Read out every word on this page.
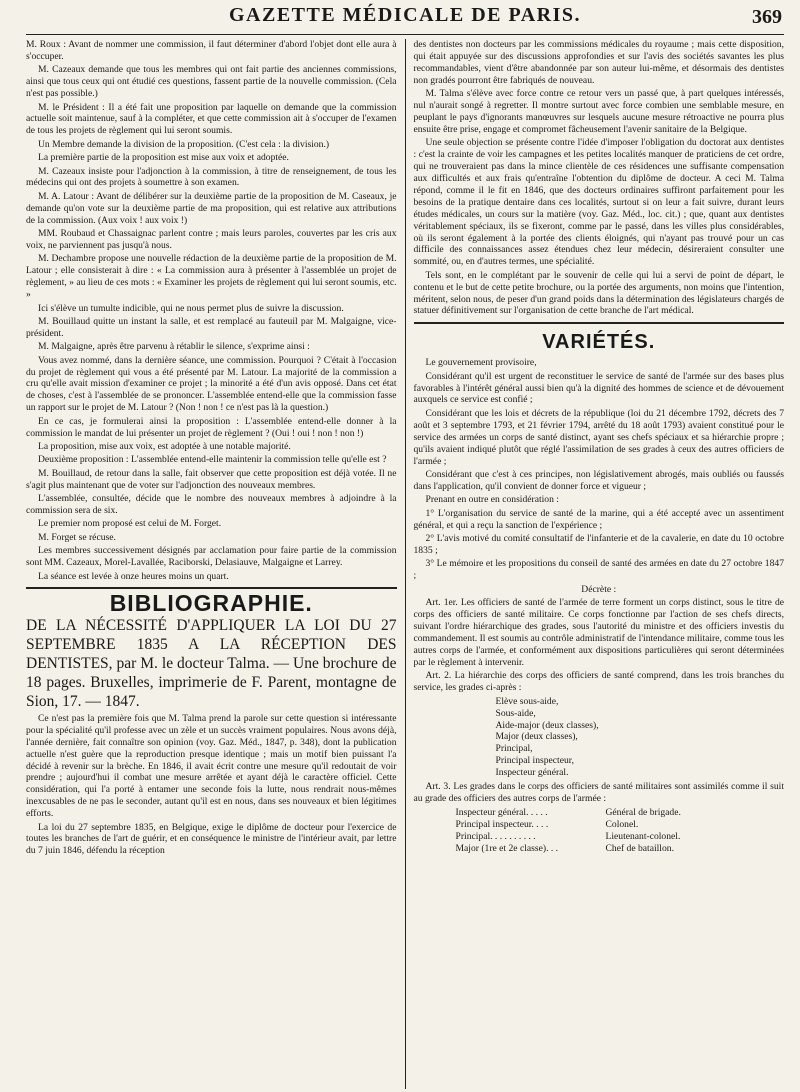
GAZETTE MÉDICALE DE PARIS.	369

M. Roux : Avant de nommer une commission, il faut déterminer d'abord l'objet dont elle aura à s'occuper.

M. Cazeaux demande que tous les membres qui ont fait partie des anciennes commissions, ainsi que tous ceux qui ont étudié ces questions, fassent partie de la nouvelle commission. (Cela n'est pas possible.)

M. le Président : Il a été fait une proposition par laquelle on demande que la commission actuelle soit maintenue, sauf à la compléter, et que cette commission ait à s'occuper de l'examen de tous les projets de règlement qui lui seront soumis.

Un Membre demande la division de la proposition. (C'est cela : la division.)

La première partie de la proposition est mise aux voix et adoptée.

M. Cazeaux insiste pour l'adjonction à la commission, à titre de renseignement, de tous les médecins qui ont des projets à soumettre à son examen.

M. A. Latour : Avant de délibérer sur la deuxième partie de la proposition de M. Caseaux, je demande qu'on vote sur la deuxième partie de ma proposition, qui est relative aux attributions de la commission. (Aux voix ! aux voix !)

MM. Roubaud et Chassaignac parlent contre ; mais leurs paroles, couvertes par les cris aux voix, ne parviennent pas jusqu'à nous.

M. Dechambre propose une nouvelle rédaction de la deuxième partie de la proposition de M. Latour ; elle consisterait à dire : « La commission aura à présenter à l'assemblée un projet de règlement, » au lieu de ces mots : « Examiner les projets de règlement qui lui seront soumis, etc. »

Ici s'élève un tumulte indicible, qui ne nous permet plus de suivre la discussion.

M. Bouillaud quitte un instant la salle, et est remplacé au fauteuil par M. Malgaigne, vice-président.

M. Malgaigne, après être parvenu à rétablir le silence, s'exprime ainsi :

Vous avez nommé, dans la dernière séance, une commission. Pourquoi ? C'était à l'occasion du projet de règlement qui vous a été présenté par M. Latour. La majorité de la commission a cru qu'elle avait mission d'examiner ce projet ; la minorité a été d'un avis opposé. Dans cet état de choses, c'est à l'assemblée de se prononcer. L'assemblée entend-elle que la commission fasse un rapport sur le projet de M. Latour ? (Non ! non ! ce n'est pas là la question.)

En ce cas, je formulerai ainsi la proposition : L'assemblée entend-elle donner à la commission le mandat de lui présenter un projet de règlement ? (Oui ! oui ! non ! non !)

La proposition, mise aux voix, est adoptée à une notable majorité.

Deuxième proposition : L'assemblée entend-elle maintenir la commission telle qu'elle est ?

M. Bouillaud, de retour dans la salle, fait observer que cette proposition est déjà votée. Il ne s'agit plus maintenant que de voter sur l'adjonction des nouveaux membres.

L'assemblée, consultée, décide que le nombre des nouveaux membres à adjoindre à la commission sera de six.

Le premier nom proposé est celui de M. Forget.

M. Forget se récuse.

Les membres successivement désignés par acclamation pour faire partie de la commission sont MM. Cazeaux, Morel-Lavallée, Raciborski, Delasiauve, Malgaigne et Larrey.

La séance est levée à onze heures moins un quart.

BIBLIOGRAPHIE.

DE LA NÉCESSITÉ D'APPLIQUER LA LOI DU 27 SEPTEMBRE 1835 A LA RÉCEPTION DES DENTISTES, par M. le docteur Talma. — Une brochure de 18 pages. Bruxelles, imprimerie de F. Parent, montagne de Sion, 17. — 1847.

Ce n'est pas la première fois que M. Talma prend la parole sur cette question si intéressante pour la spécialité qu'il professe avec un zèle et un succès vraiment populaires. Nous avons déjà, l'année dernière, fait connaître son opinion (voy. Gaz. Méd., 1847, p. 348), dont la publication actuelle n'est guère que la reproduction presque identique ; mais un motif bien puissant l'a décidé à revenir sur la brèche. En 1846, il avait écrit contre une mesure qu'il redoutait de voir prendre ; aujourd'hui il combat une mesure arrêtée et ayant déjà le caractère officiel. Cette considération, qui l'a porté à entamer une seconde fois la lutte, nous rendrait nous-mêmes inexcusables de ne pas le seconder, autant qu'il est en nous, dans ses nouveaux et bien légitimes efforts.

La loi du 27 septembre 1835, en Belgique, exige le diplôme de docteur pour l'exercice de toutes les branches de l'art de guérir, et en conséquence le ministre de l'intérieur avait, par lettre du 7 juin 1846, défendu la réception

des dentistes non docteurs par les commissions médicales du royaume ; mais cette disposition, qui était appuyée sur des discussions approfondies et sur l'avis des sociétés savantes les plus recommandables, vient d'être abandonnée par son auteur lui-même, et désormais des dentistes non gradés pourront être fabriqués de nouveau.

M. Talma s'élève avec force contre ce retour vers un passé que, à part quelques intéressés, nul n'aurait songé à regretter. Il montre surtout avec force combien une semblable mesure, en peuplant le pays d'ignorants manœuvres sur lesquels aucune mesure rétroactive ne pourra plus ensuite être prise, engage et compromet fâcheusement l'avenir sanitaire de la Belgique.

Une seule objection se présente contre l'idée d'imposer l'obligation du doctorat aux dentistes : c'est la crainte de voir les campagnes et les petites localités manquer de praticiens de cet ordre, qui ne trouveraient pas dans la mince clientèle de ces résidences une suffisante compensation aux difficultés et aux frais qu'entraîne l'obtention du diplôme de docteur. A ceci M. Talma répond, comme il le fit en 1846, que des docteurs ordinaires suffiront parfaitement pour les besoins de la pratique dentaire dans ces localités, surtout si on leur a fait suivre, durant leurs études médicales, un cours sur la matière (voy. Gaz. Méd., loc. cit.) ; que, quant aux dentistes véritablement spéciaux, ils se fixeront, comme par le passé, dans les villes plus considérables, où ils seront également à la portée des clients éloignés, qui n'ayant pas trouvé pour un cas difficile des connaissances assez étendues chez leur médecin, désireraient consulter une sommité, ou, en d'autres termes, une spécialité.

Tels sont, en le complétant par le souvenir de celle qui lui a servi de point de départ, le contenu et le but de cette petite brochure, ou la portée des arguments, non moins que l'intention, méritent, selon nous, de peser d'un grand poids dans la détermination des législateurs chargés de statuer définitivement sur l'organisation de cette branche de l'art médical.

VARIÉTÉS.

Le gouvernement provisoire,

Considérant qu'il est urgent de reconstituer le service de santé de l'armée sur des bases plus favorables à l'intérêt général aussi bien qu'à la dignité des hommes de science et de dévouement auxquels ce service est confié ;

Considérant que les lois et décrets de la république (loi du 21 décembre 1792, décrets des 7 août et 3 septembre 1793, et 21 février 1794, arrêté du 18 août 1793) avaient constitué pour le service des armées un corps de santé distinct, ayant ses chefs spéciaux et sa hiérarchie propre ; qu'ils avaient indiqué plutôt que réglé l'assimilation de ses grades à ceux des autres officiers de l'armée ;

Considérant que c'est à ces principes, non législativement abrogés, mais oubliés ou faussés dans l'application, qu'il convient de donner force et vigueur ;

Prenant en outre en considération :

1° L'organisation du service de santé de la marine, qui a été accepté avec un assentiment général, et qui a reçu la sanction de l'expérience ;

2° L'avis motivé du comité consultatif de l'infanterie et de la cavalerie, en date du 10 octobre 1835 ;

3° Le mémoire et les propositions du conseil de santé des armées en date du 27 octobre 1847 ;

Décrète :

Art. 1er. Les officiers de santé de l'armée de terre forment un corps distinct, sous le titre de corps des officiers de santé militaire. Ce corps fonctionne par l'action de ses chefs directs, suivant l'ordre hiérarchique des grades, sous l'autorité du ministre et des officiers investis du commandement. Il est soumis au contrôle administratif de l'intendance militaire, comme tous les autres corps de l'armée, et conformément aux dispositions particulières qui seront déterminées par le règlement à intervenir.

Art. 2. La hiérarchie des corps des officiers de santé comprend, dans les trois branches du service, les grades ci-après :

Elève sous-aide,
Sous-aide,
Aide-major (deux classes),
Major (deux classes),
Principal,
Principal inspecteur,
Inspecteur général.

Art. 3. Les grades dans le corps des officiers de santé militaires sont assimilés comme il suit au grade des officiers des autres corps de l'armée :

Inspecteur général. . . . .	Général de brigade.
Principal inspecteur. . . .	Colonel.
Principal. . . . . . . . . .	Lieutenant-colonel.
Major (1re et 2e classe). . .	Chef de bataillon.
